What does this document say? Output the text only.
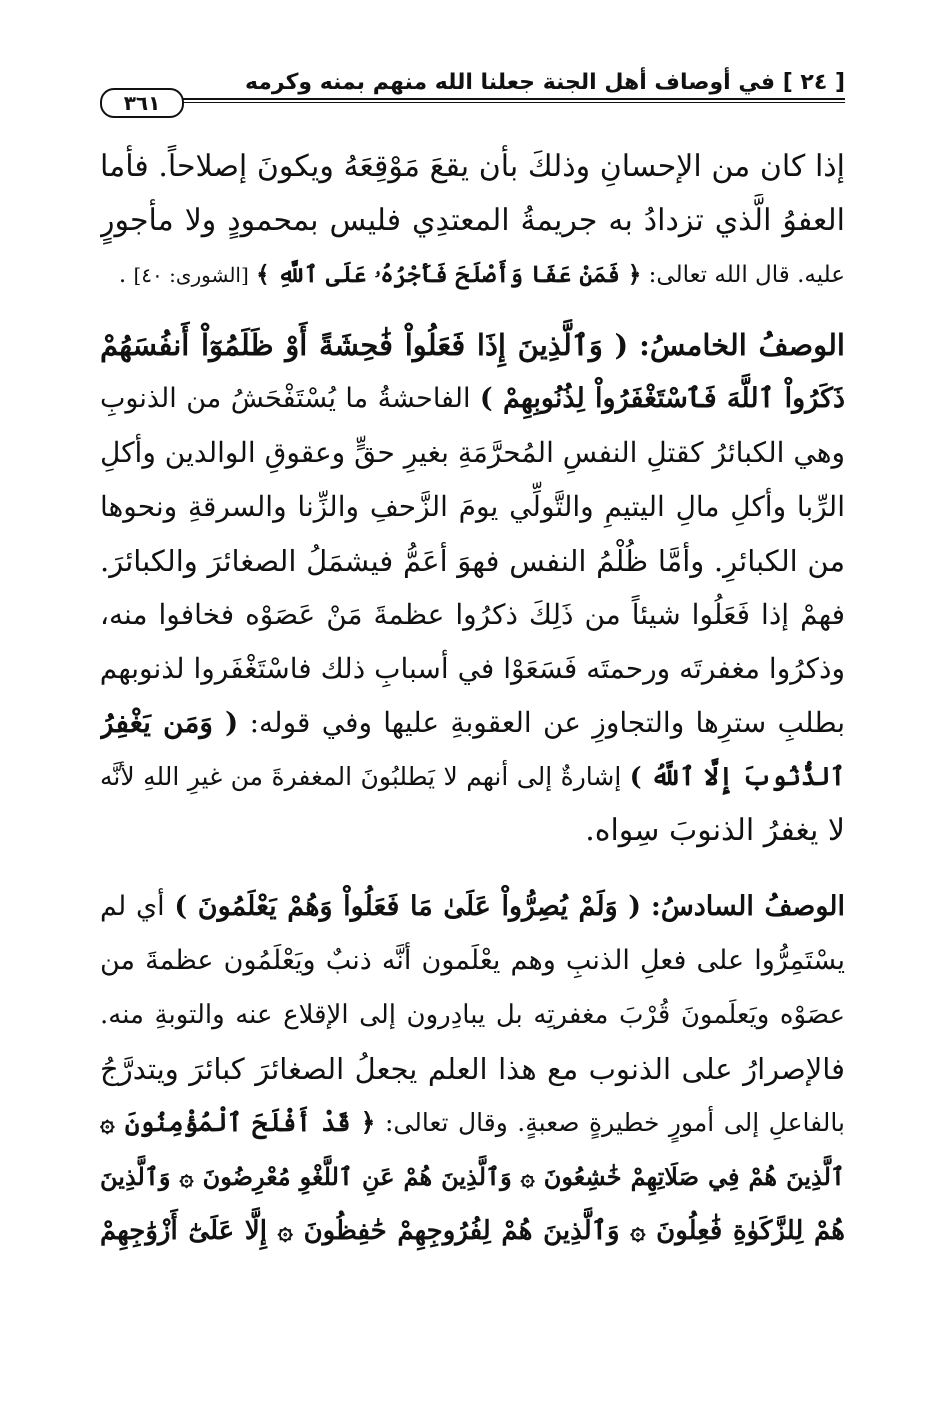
[ ٢٤ ] في أوصاف أهل الجنة جعلنا الله منهم بمنه وكرمه
٣٦١
إذا كان من الإحسانِ وذلكَ بأن يقعَ مَوْقِعَهُ ويكونَ إصلاحاً. فأما
العفوُ الَّذي تزدادُ به جريمةُ المعتدِي فليس بمحمودٍ ولا مأجورٍ
عليه. قال الله تعالى: ﴿ فَمَنْ عَفَا وَأَصْلَحَ فَأَجْرُهُۥ عَلَى ٱللَّهِ ﴾ [الشورى: ٤٠] .
الوصفُ الخامسُ: ( وَٱلَّذِينَ إِذَا فَعَلُواْ فَٰحِشَةً أَوْ ظَلَمُوٓاْ أَنفُسَهُمْ
ذَكَرُواْ ٱللَّهَ فَٱسْتَغْفَرُواْ لِذُنُوبِهِمْ ) الفاحشةُ ما يُسْتَفْحَشُ من الذنوبِ
وهي الكبائرُ كقتلِ النفسِ المُحرَّمَةِ بغيرِ حقٍّ وعقوقِ الوالدين وأكلِ
الرِّبا وأكلِ مالِ اليتيمِ والتَّولِّي يومَ الزَّحفِ والزِّنا والسرقةِ ونحوها
من الكبائرِ. وأمَّا ظُلْمُ النفس فهوَ أعَمُّ فيشمَلُ الصغائرَ والكبائرَ.
فهمْ إذا فَعَلُوا شيئاً من ذَلِكَ ذكرُوا عظمةَ مَنْ عَصَوْه فخافوا منه،
وذكرُوا مغفرتَه ورحمتَه فَسَعَوْا في أسبابِ ذلك فاسْتَغْفَروا لذنوبهم
بطلبِ سترِها والتجاوزِ عن العقوبةِ عليها وفي قوله: ( وَمَن يَغْفِرُ
ٱلذُّنُوبَ إِلَّا ٱللَّهُ ) إشارةٌ إلى أنهم لا يَطلبُونَ المغفرةَ من غيرِ اللهِ لأنَّه
لا يغفرُ الذنوبَ سِواه.
الوصفُ السادسُ: ( وَلَمْ يُصِرُّواْ عَلَىٰ مَا فَعَلُواْ وَهُمْ يَعْلَمُونَ ) أي لم
يسْتَمِرُّوا على فعلِ الذنبِ وهم يعْلَمون أنَّه ذنبٌ ويَعْلَمُون عظمةَ من
عصَوْه ويَعلَمونَ قُرْبَ مغفرتِه بل يبادِرون إلى الإقلاع عنه والتوبةِ منه.
فالإصرارُ على الذنوب مع هذا العلم يجعلُ الصغائرَ كبائرَ ويتدرَّجُ
بالفاعلِ إلى أمورٍ خطيرةٍ صعبةٍ. وقال تعالى: ﴿ قَدْ أَفْلَحَ ٱلْمُؤْمِنُونَ ۞
ٱلَّذِينَ هُمْ فِي صَلَاتِهِمْ خَٰشِعُونَ ۞ وَٱلَّذِينَ هُمْ عَنِ ٱللَّغْوِ مُعْرِضُونَ ۞ وَٱلَّذِينَ
هُمْ لِلزَّكَوٰةِ فَٰعِلُونَ ۞ وَٱلَّذِينَ هُمْ لِفُرُوجِهِمْ حَٰفِظُونَ ۞ إِلَّا عَلَىٰٓ أَزْوَٰجِهِمْ
